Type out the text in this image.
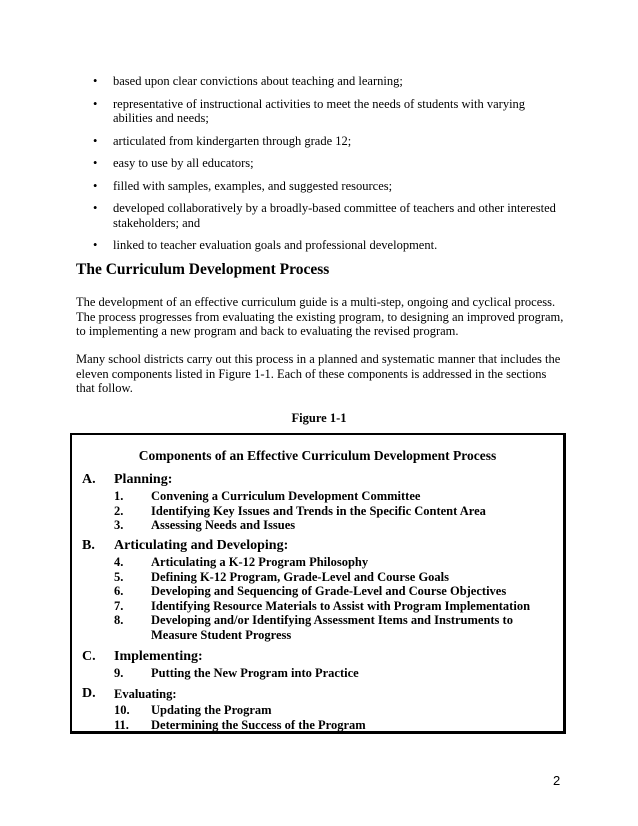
• based upon clear convictions about teaching and learning;
• representative of instructional activities to meet the needs of students with varying abilities and needs;
• articulated from kindergarten through grade 12;
• easy to use by all educators;
• filled with samples, examples, and suggested resources;
• developed collaboratively by a broadly-based committee of teachers and other interested stakeholders; and
• linked to teacher evaluation goals and professional development.
The Curriculum Development Process

The development of an effective curriculum guide is a multi-step, ongoing and cyclical process. The process progresses from evaluating the existing program, to designing an improved program, to implementing a new program and back to evaluating the revised program.

Many school districts carry out this process in a planned and systematic manner that includes the eleven components listed in Figure 1-1. Each of these components is addressed in the sections that follow.

Figure 1-1
Components of an Effective Curriculum Development Process
A. Planning:
1. Convening a Curriculum Development Committee
2. Identifying Key Issues and Trends in the Specific Content Area
3. Assessing Needs and Issues
B. Articulating and Developing:
4. Articulating a K-12 Program Philosophy
5. Defining K-12 Program, Grade-Level and Course Goals
6. Developing and Sequencing of Grade-Level and Course Objectives
7. Identifying Resource Materials to Assist with Program Implementation
8. Developing and/or Identifying Assessment Items and Instruments to Measure Student Progress
C. Implementing:
9. Putting the New Program into Practice
D. Evaluating:
10. Updating the Program
11. Determining the Success of the Program
2
